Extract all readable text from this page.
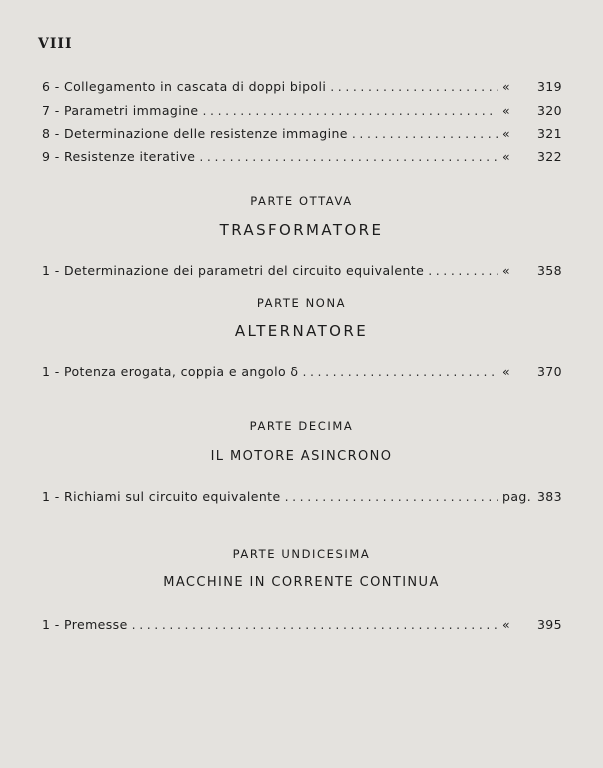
VIII
6 - Collegamento in cascata di doppi bipoli . . .	«	319
7 - Parametri immagine . . .	«	320
8 - Determinazione delle resistenze immagine . . .	«	321
9 - Resistenze iterative . . .	«	322
PARTE OTTAVA
TRASFORMATORE
1 - Determinazione dei parametri del circuito equivalente . . .	«	358
PARTE NONA
ALTERNATORE
1 - Potenza erogata, coppia e angolo δ . . .	«	370
PARTE DECIMA
IL MOTORE ASINCRONO
1 - Richiami sul circuito equivalente . . .	pag. 383
PARTE UNDICESIMA
MACCHINE IN CORRENTE CONTINUA
1 - Premesse . . .	«	395
